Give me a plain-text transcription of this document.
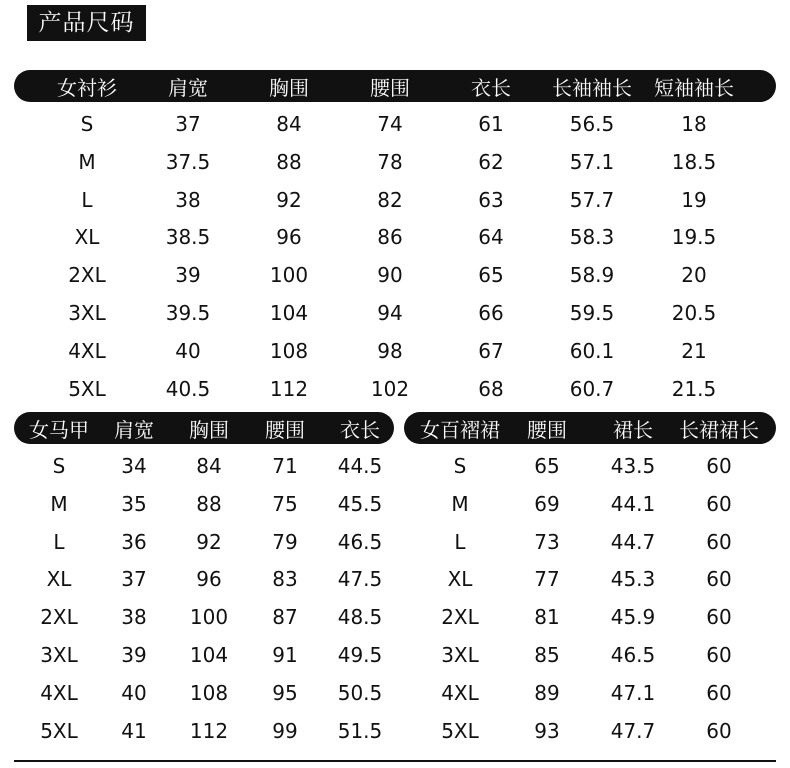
产品尺码
女衬衫	肩宽	胸围	腰围	衣长	长袖袖长	短袖袖长
S	37	84	74	61	56.5	18
M	37.5	88	78	62	57.1	18.5
L	38	92	82	63	57.7	19
XL	38.5	96	86	64	58.3	19.5
2XL	39	100	90	65	58.9	20
3XL	39.5	104	94	66	59.5	20.5
4XL	40	108	98	67	60.1	21
5XL	40.5	112	102	68	60.7	21.5
女马甲	肩宽	胸围	腰围	衣长
S	34	84	71	44.5
M	35	88	75	45.5
L	36	92	79	46.5
XL	37	96	83	47.5
2XL	38	100	87	48.5
3XL	39	104	91	49.5
4XL	40	108	95	50.5
5XL	41	112	99	51.5
女百褶裙	腰围	裙长	长裙裙长
S	65	43.5	60
M	69	44.1	60
L	73	44.7	60
XL	77	45.3	60
2XL	81	45.9	60
3XL	85	46.5	60
4XL	89	47.1	60
5XL	93	47.7	60
